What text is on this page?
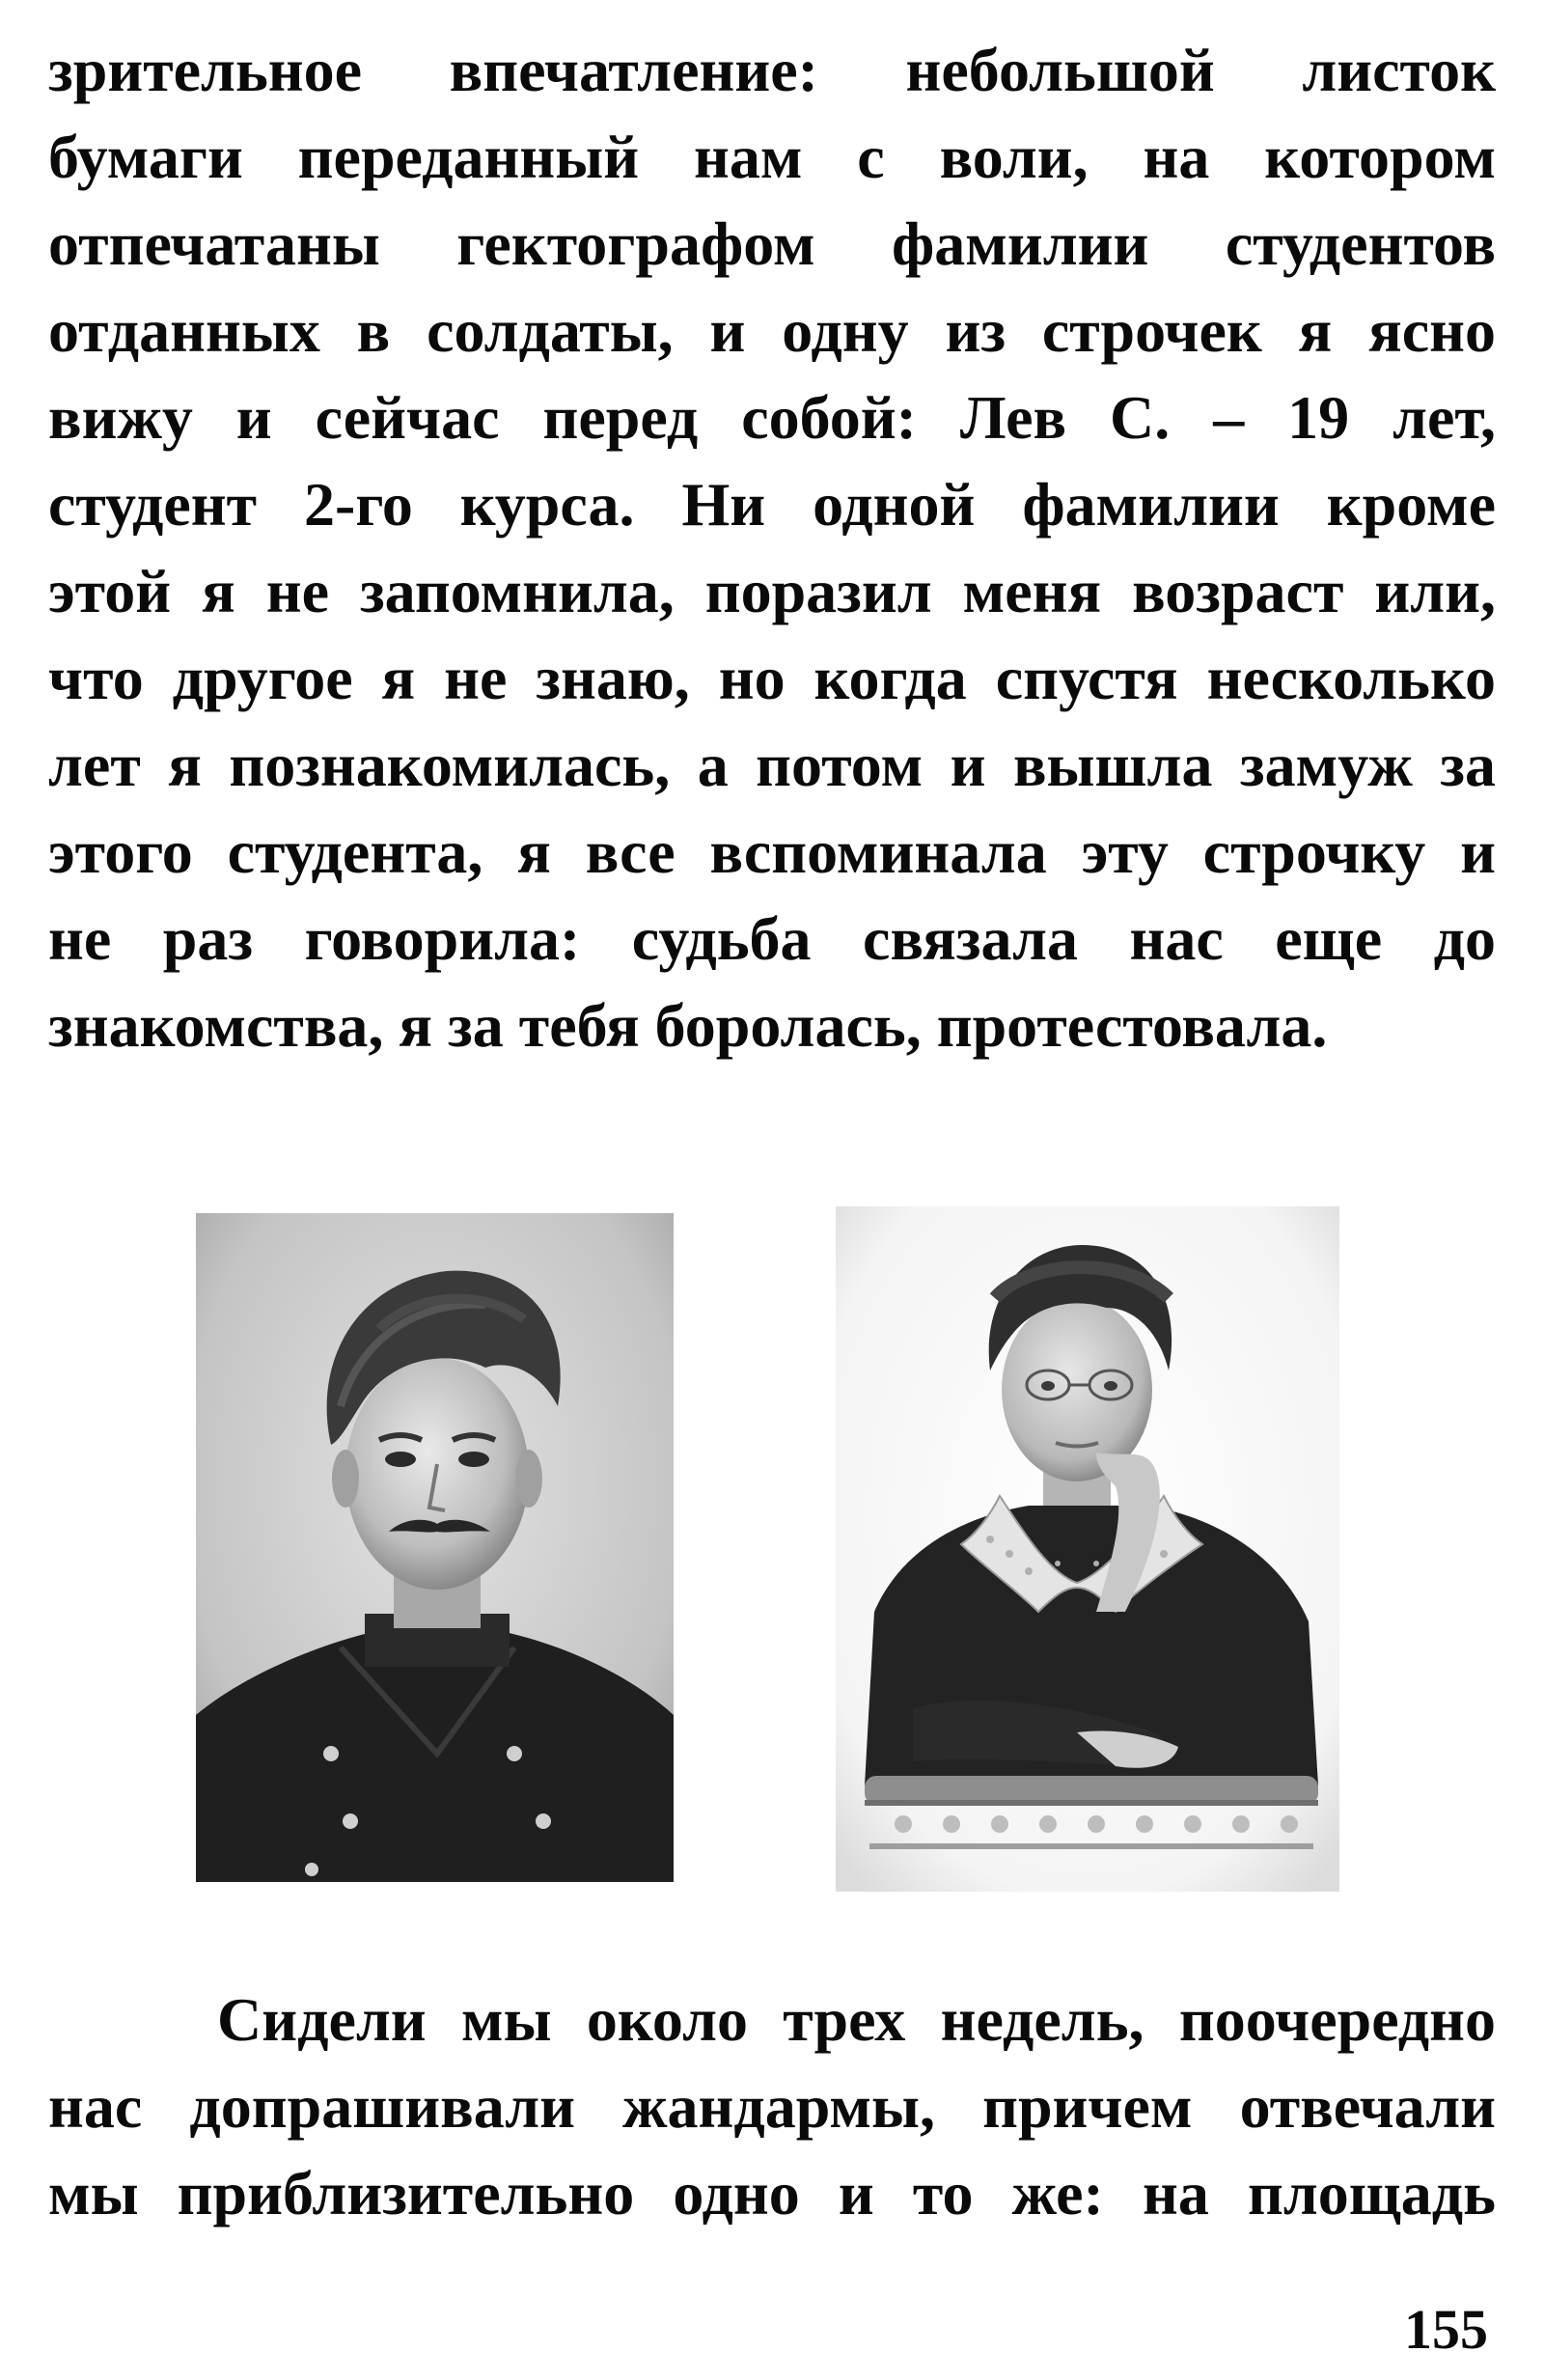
зрительное впечатление: небольшой листок
бумаги переданный нам с воли, на котором
отпечатаны гектографом фамилии студентов
отданных в солдаты, и одну из строчек я ясно
вижу и сейчас перед собой: Лев С. – 19 лет,
студент 2-го курса. Ни одной фамилии кроме
этой я не запомнила, поразил меня возраст или,
что другое я не знаю, но когда спустя несколько
лет я познакомилась, а потом и вышла замуж за
этого студента, я все вспоминала эту строчку и
не раз говорила: судьба связала нас еще до
знакомства, я за тебя боролась, протестовала.
Сидели мы около трех недель, поочередно
нас допрашивали жандармы, причем отвечали
мы приблизительно одно и то же: на площадь
155
